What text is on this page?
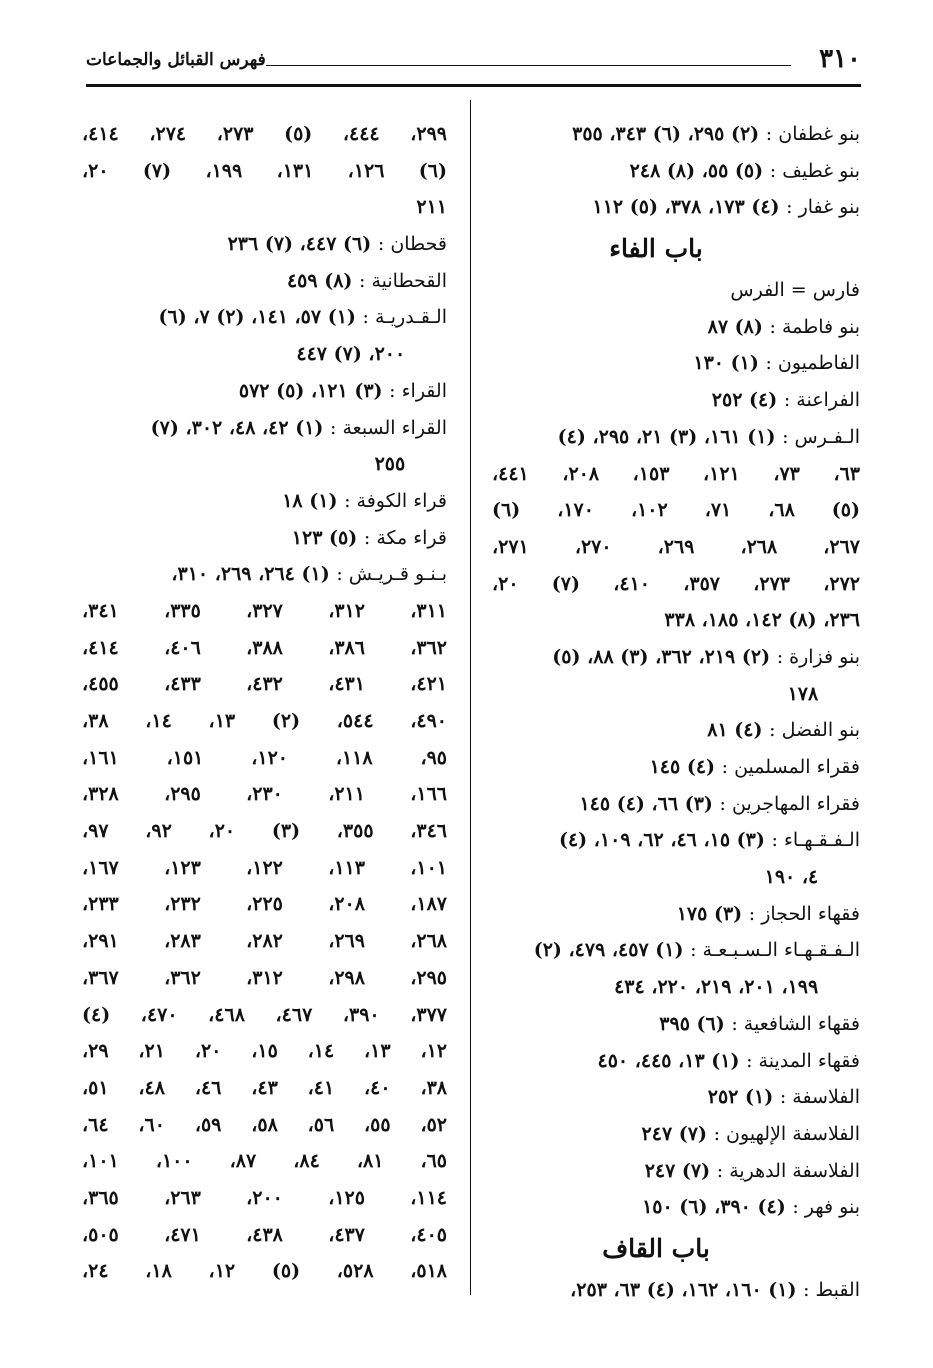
٣١٠
فهرس القبائل والجماعات
بنو غطفان : (٢) ٢٩٥، (٦) ٣٤٣، ٣٥٥
بنو غطيف : (٥) ٥٥، (٨) ٢٤٨
بنو غفار : (٤) ١٧٣، ٣٧٨، (٥) ١١٢
باب الفاء
فارس = الفرس
بنو فاطمة : (٨) ٨٧
الفاطميون : (١) ١٣٠
الفراعنة : (٤) ٢٥٢
الـفـرس : (١) ١٦١، (٣) ٢١، ٢٩٥، (٤)
٦٣، ٧٣، ١٢١، ١٥٣، ٢٠٨، ٤٤١،
(٥) ٦٨، ٧١، ١٠٢، ١٧٠، (٦)
٢٦٧، ٢٦٨، ٢٦٩، ٢٧٠، ٢٧١،
٢٧٢، ٢٧٣، ٣٥٧، ٤١٠، (٧) ٢٠،
٢٣٦، (٨) ١٤٢، ١٨٥، ٣٣٨
بنو فزارة : (٢) ٢١٩، ٣٦٢، (٣) ٨٨، (٥)
١٧٨
بنو الفضل : (٤) ٨١
فقراء المسلمين : (٤) ١٤٥
فقراء المهاجرين : (٣) ٦٦، (٤) ١٤٥
الـفـقـهـاء : (٣) ١٥، ٤٦، ٦٢، ١٠٩، (٤)
٤، ١٩٠
فقهاء الحجاز : (٣) ١٧٥
الـفـقـهـاء الـسـبـعـة : (١) ٤٥٧، ٤٧٩، (٢)
١٩٩، ٢٠١، ٢١٩، ٢٢٠، ٤٣٤
فقهاء الشافعية : (٦) ٣٩٥
فقهاء المدينة : (١) ١٣، ٤٤٥، ٤٥٠
الفلاسفة : (١) ٢٥٢
الفلاسفة الإلهيون : (٧) ٢٤٧
الفلاسفة الدهرية : (٧) ٢٤٧
بنو فهر : (٤) ٣٩٠، (٦) ١٥٠
باب القاف
القبط : (١) ١٦٠، ١٦٢، (٤) ٦٣، ٢٥٣،
٢٩٩، ٤٤٤، (٥) ٢٧٣، ٢٧٤، ٤١٤،
(٦) ١٢٦، ١٣١، ١٩٩، (٧) ٢٠،
٢١١
قحطان : (٦) ٤٤٧، (٧) ٢٣٦
القحطانية : (٨) ٤٥٩
الـقـدريـة : (١) ٥٧، ١٤١، (٢) ٧، (٦)
٢٠٠، (٧) ٤٤٧
القراء : (٣) ١٢١، (٥) ٥٧٢
القراء السبعة : (١) ٤٢، ٤٨، ٣٠٢، (٧)
٢٥٥
قراء الكوفة : (١) ١٨
قراء مكة : (٥) ١٢٣
بـنـو قـريـش : (١) ٢٦٤، ٢٦٩، ٣١٠،
٣١١، ٣١٢، ٣٢٧، ٣٣٥، ٣٤١،
٣٦٢، ٣٨٦، ٣٨٨، ٤٠٦، ٤١٤،
٤٢١، ٤٣١، ٤٣٢، ٤٣٣، ٤٥٥،
٤٩٠، ٥٤٤، (٢) ١٣، ١٤، ٣٨،
٩٥، ١١٨، ١٢٠، ١٥١، ١٦١،
١٦٦، ٢١١، ٢٣٠، ٢٩٥، ٣٢٨،
٣٤٦، ٣٥٥، (٣) ٢٠، ٩٢، ٩٧،
١٠١، ١١٣، ١٢٢، ١٢٣، ١٦٧،
١٨٧، ٢٠٨، ٢٢٥، ٢٣٢، ٢٣٣،
٢٦٨، ٢٦٩، ٢٨٢، ٢٨٣، ٢٩١،
٢٩٥، ٢٩٨، ٣١٢، ٣٦٢، ٣٦٧،
٣٧٧، ٣٩٠، ٤٦٧، ٤٦٨، ٤٧٠، (٤)
١٢، ١٣، ١٤، ١٥، ٢٠، ٢١، ٢٩،
٣٨، ٤٠، ٤١، ٤٣، ٤٦، ٤٨، ٥١،
٥٢، ٥٥، ٥٦، ٥٨، ٥٩، ٦٠، ٦٤،
٦٥، ٨١، ٨٤، ٨٧، ١٠٠، ١٠١،
١١٤، ١٢٥، ٢٠٠، ٢٦٣، ٣٦٥،
٤٠٥، ٤٣٧، ٤٣٨، ٤٧١، ٥٠٥،
٥١٨، ٥٢٨، (٥) ١٢، ١٨، ٢٤،
